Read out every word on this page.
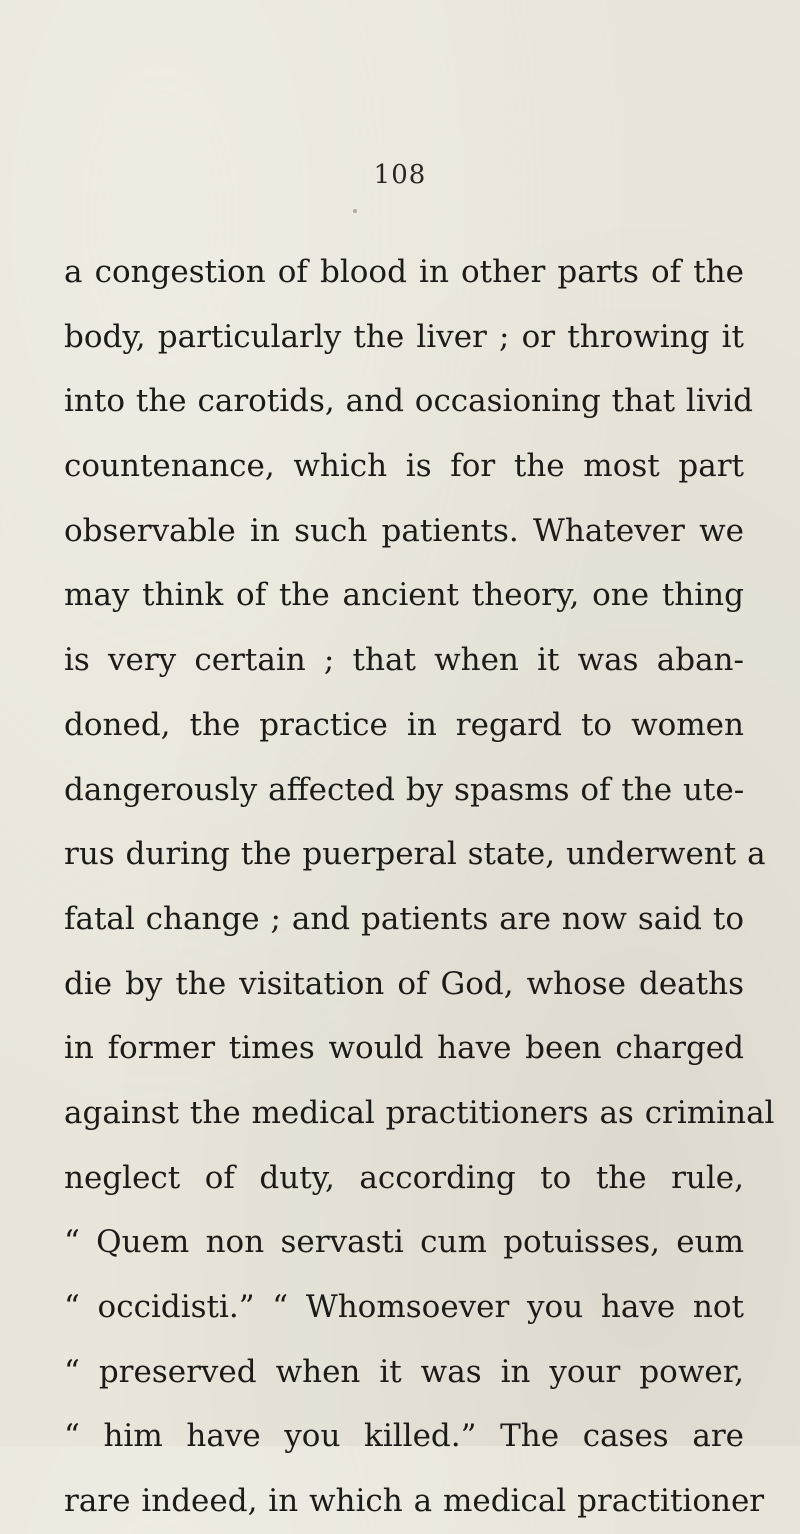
108
a congestion of blood in other parts of the
body, particularly the liver ; or throwing it
into the carotids, and occasioning that livid
countenance, which is for the most part
observable in such patients. Whatever we
may think of the ancient theory, one thing
is very certain ; that when it was aban-
doned, the practice in regard to women
dangerously affected by spasms of the ute-
rus during the puerperal state, underwent a
fatal change ; and patients are now said to
die by the visitation of God, whose deaths
in former times would have been charged
against the medical practitioners as criminal
neglect of duty, according to the rule,
“ Quem non servasti cum potuisses, eum
“ occidisti.” “ Whomsoever you have not
“ preserved when it was in your power,
“ him have you killed.” The cases are
rare indeed, in which a medical practitioner
